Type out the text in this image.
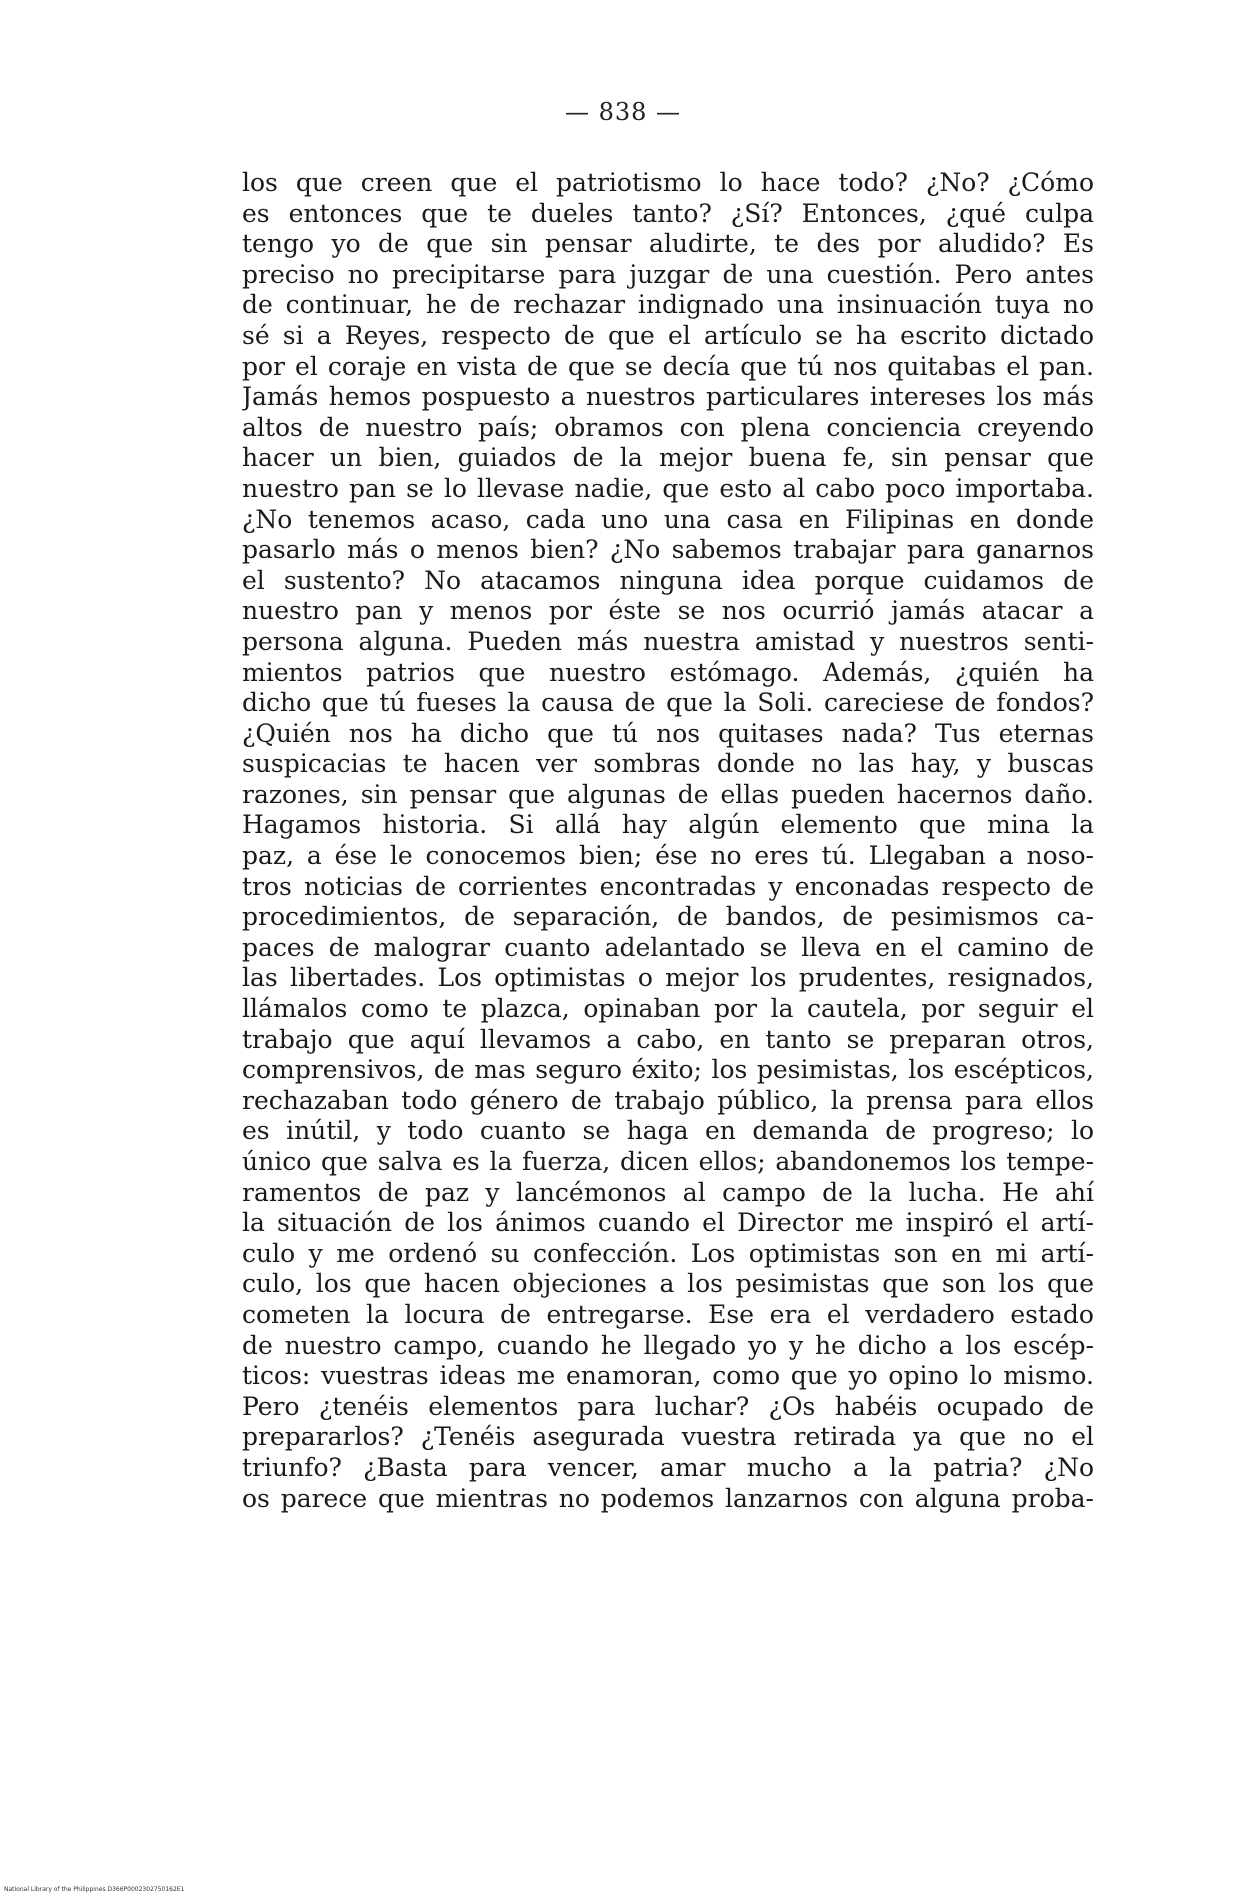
— 838 —
los que creen que el patriotismo lo hace todo? ¿No? ¿Cómo
es entonces que te dueles tanto? ¿Sí? Entonces, ¿qué culpa
tengo yo de que sin pensar aludirte, te des por aludido? Es
preciso no precipitarse para juzgar de una cuestión. Pero antes
de continuar, he de rechazar indignado una insinuación tuya no
sé si a Reyes, respecto de que el artículo se ha escrito dictado
por el coraje en vista de que se decía que tú nos quitabas el pan.
Jamás hemos pospuesto a nuestros particulares intereses los más
altos de nuestro país; obramos con plena conciencia creyendo
hacer un bien, guiados de la mejor buena fe, sin pensar que
nuestro pan se lo llevase nadie, que esto al cabo poco importaba.
¿No tenemos acaso, cada uno una casa en Filipinas en donde
pasarlo más o menos bien? ¿No sabemos trabajar para ganarnos
el sustento? No atacamos ninguna idea porque cuidamos de
nuestro pan y menos por éste se nos ocurrió jamás atacar a
persona alguna. Pueden más nuestra amistad y nuestros senti-
mientos patrios que nuestro estómago. Además, ¿quién ha
dicho que tú fueses la causa de que la Soli. careciese de fondos?
¿Quién nos ha dicho que tú nos quitases nada? Tus eternas
suspicacias te hacen ver sombras donde no las hay, y buscas
razones, sin pensar que algunas de ellas pueden hacernos daño.
Hagamos historia. Si allá hay algún elemento que mina la
paz, a ése le conocemos bien; ése no eres tú. Llegaban a noso-
tros noticias de corrientes encontradas y enconadas respecto de
procedimientos, de separación, de bandos, de pesimismos ca-
paces de malograr cuanto adelantado se lleva en el camino de
las libertades. Los optimistas o mejor los prudentes, resignados,
llámalos como te plazca, opinaban por la cautela, por seguir el
trabajo que aquí llevamos a cabo, en tanto se preparan otros,
comprensivos, de mas seguro éxito; los pesimistas, los escépticos,
rechazaban todo género de trabajo público, la prensa para ellos
es inútil, y todo cuanto se haga en demanda de progreso; lo
único que salva es la fuerza, dicen ellos; abandonemos los tempe-
ramentos de paz y lancémonos al campo de la lucha. He ahí
la situación de los ánimos cuando el Director me inspiró el artí-
culo y me ordenó su confección. Los optimistas son en mi artí-
culo, los que hacen objeciones a los pesimistas que son los que
cometen la locura de entregarse. Ese era el verdadero estado
de nuestro campo, cuando he llegado yo y he dicho a los escép-
ticos: vuestras ideas me enamoran, como que yo opino lo mismo.
Pero ¿tenéis elementos para luchar? ¿Os habéis ocupado de
prepararlos? ¿Tenéis asegurada vuestra retirada ya que no el
triunfo? ¿Basta para vencer, amar mucho a la patria? ¿No
os parece que mientras no podemos lanzarnos con alguna proba-
National Library of the Philippines D366P0002302750162E1
